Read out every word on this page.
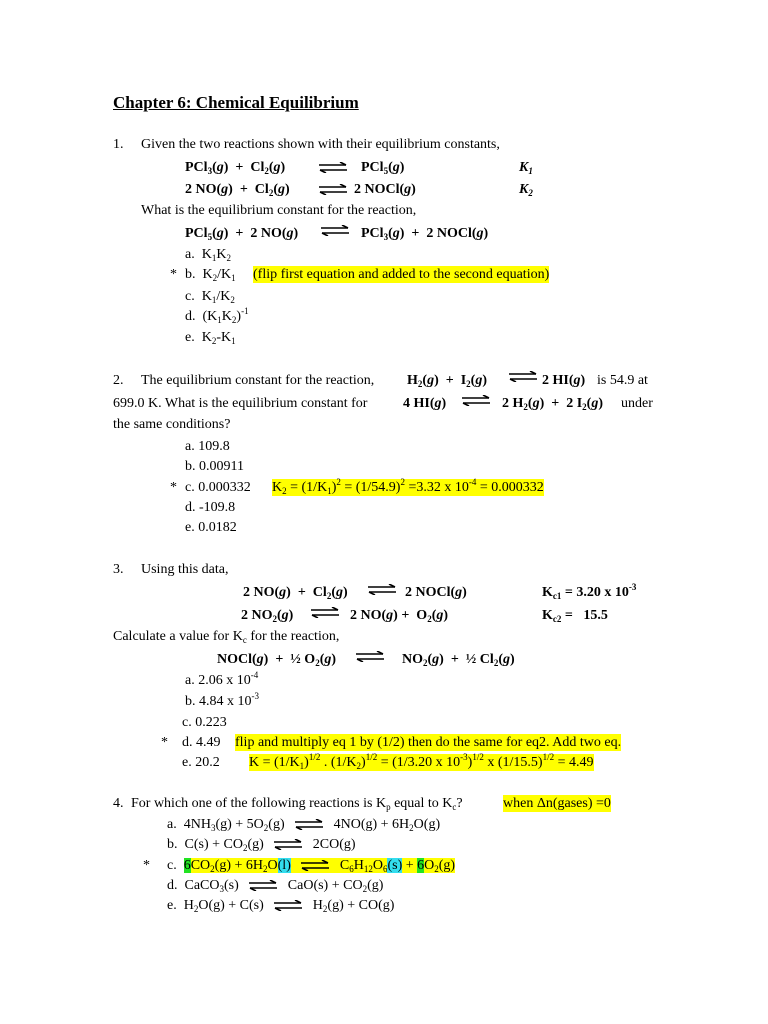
Chapter 6: Chemical Equilibrium
1. Given the two reactions shown with their equilibrium constants,
$PCl_3(g) + Cl_2(g)$	PCl$_5$(g)	$K_1$
2 $NO(g) + Cl_2(g)$	2 NOCl(g)	$K_2$
What is the equilibrium constant for the reaction,
PCl$_5$(g)  +  2 NO(g)	PCl$_3$(g)  +  2 NOCl(g)
a.  $K_1K_2$
* b.  $K_2/K_1$ (flip first equation and added to the second equation)
c.  $K_1/K_2$
d.  $(K_1K_2)^{-1}$
e.  $K_2-K_1$
2. The equilibrium constant for the reaction, $H_2(g) + I_2(g)$	2 HI(g) is 54.9 at
699.0 K. What is the equilibrium constant for	4 HI(g)	2 $H_2(g) + 2$ $I_2(g)$ under
the same conditions?
a. 109.8
b. 0.00911
* c. 0.000332 $K_2 = (1/K_1)^2 = (1/54.9)^2 =3.32$ x $10^{-4} = 0.000332$
d. -109.8
e. 0.0182
3. Using this data,
2 $NO(g) + Cl_2(g)$	2 NOCl(g)	$K_{c1} = 3.20$ x $10^{-3}$
2 $NO_2(g)$	2 $NO(g) + O_2(g)$	$K_{c2} = 15.5$
Calculate a value for $K_c$ for the reaction,
NOCl(g)  +  ½ $O_2(g)$	$NO_2(g)$  +  ½ $Cl_2(g)$
a. 2.06 x $10^{-4}$
b. 4.84 x $10^{-3}$
c. 0.223
* d. 4.49 flip and multiply eq 1 by (1/2) then do the same for eq2. Add two eq.
e. 20.2 $K = (1/K_1)^{1/2}$ . $(1/K_2)^{1/2} = (1/3.20$ x $10^{-3})^{1/2}$ x $(1/15.5)^{1/2} = 4.49$
4. For which one of the following reactions is $K_p$ equal to $K_c$?	when Δn(gases) =0
a.  $4NH_3(g) + 5O_2(g)$	$4NO(g) + 6H_2O(g)$
b.  $C(s) + CO_2(g)$	2CO(g)
* c.  $6CO_2(g) + 6H_2O(l)$	$C_6H_{12}O_6(s) + 6O_2(g)$
d.  CaCO$_3$(s)	$CaO(s) + CO_2(g)$
e.  $H_2O(g) + C(s)$	$H_2(g) + CO(g)$
